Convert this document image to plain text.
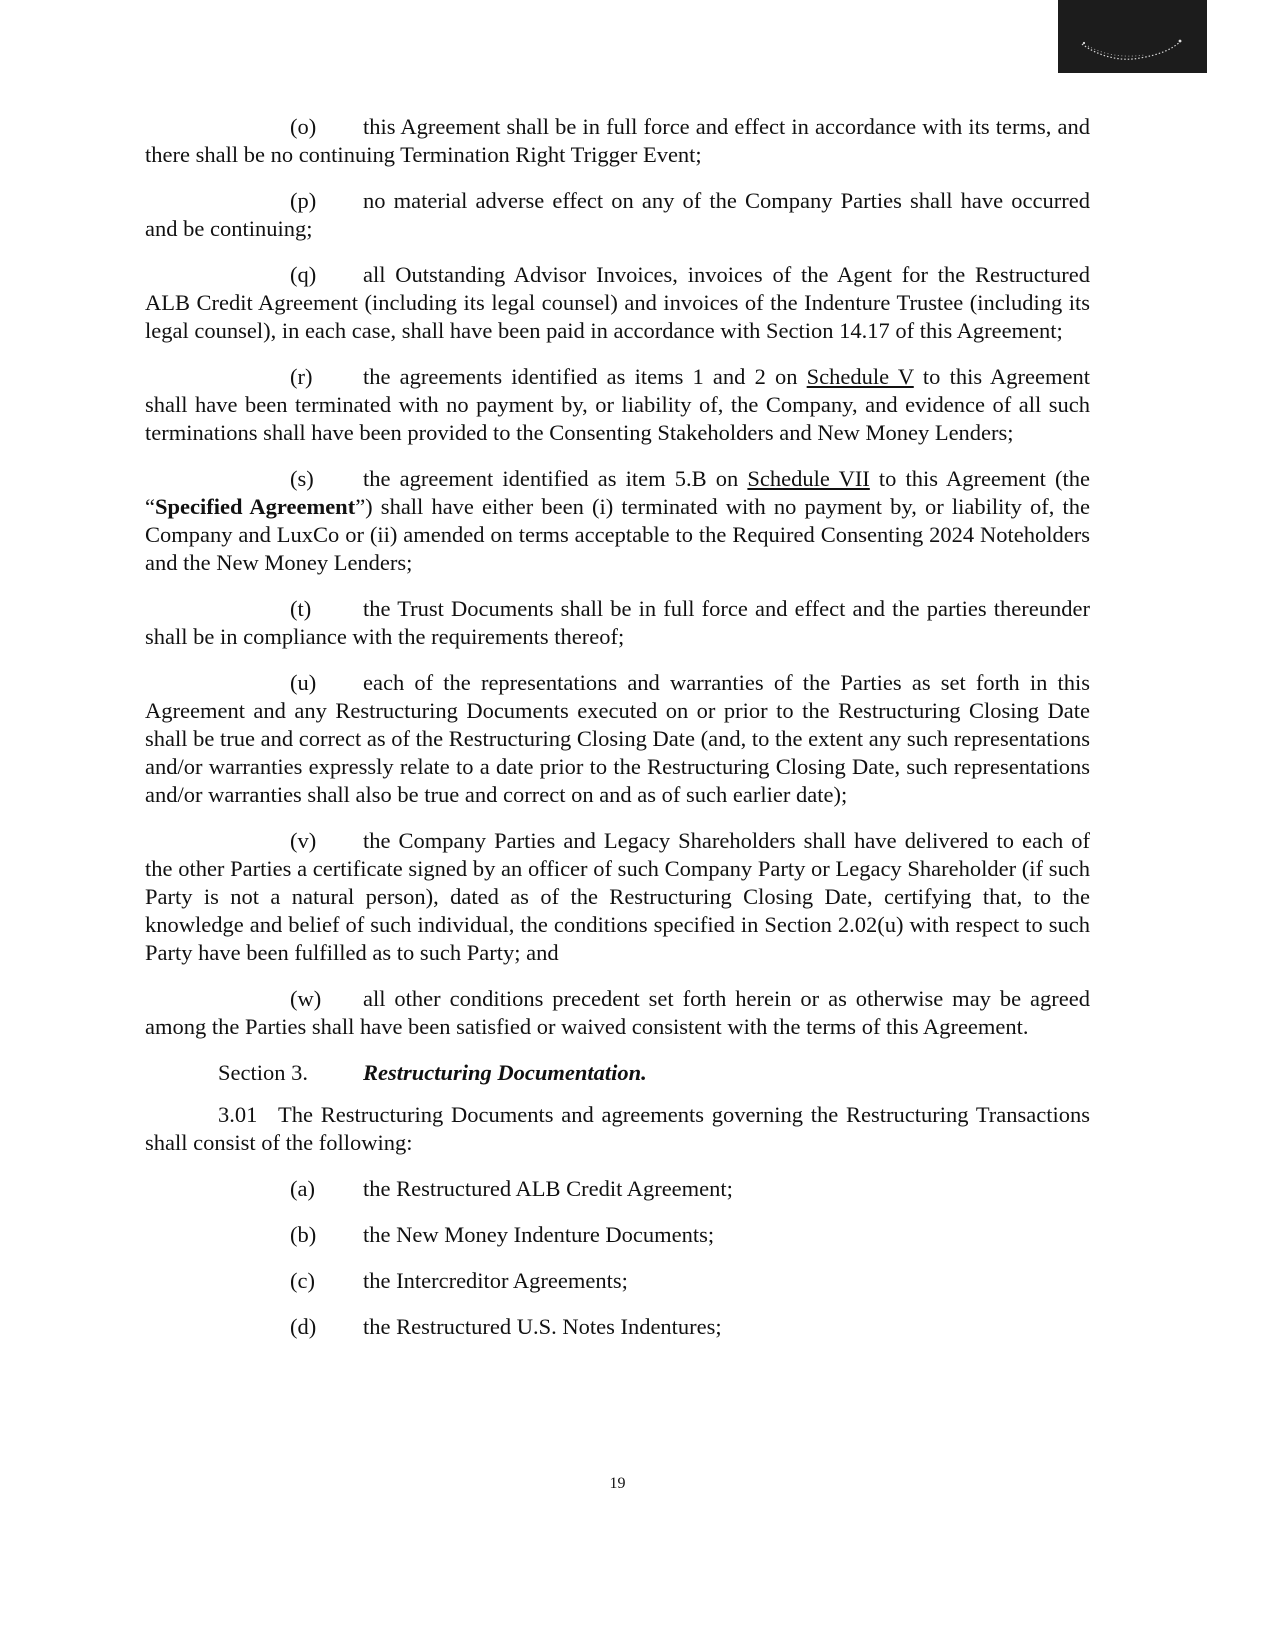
(o) this Agreement shall be in full force and effect in accordance with its terms, and there shall be no continuing Termination Right Trigger Event;
(p) no material adverse effect on any of the Company Parties shall have occurred and be continuing;
(q) all Outstanding Advisor Invoices, invoices of the Agent for the Restructured ALB Credit Agreement (including its legal counsel) and invoices of the Indenture Trustee (including its legal counsel), in each case, shall have been paid in accordance with Section 14.17 of this Agreement;
(r) the agreements identified as items 1 and 2 on Schedule V to this Agreement shall have been terminated with no payment by, or liability of, the Company, and evidence of all such terminations shall have been provided to the Consenting Stakeholders and New Money Lenders;
(s) the agreement identified as item 5.B on Schedule VII to this Agreement (the “Specified Agreement”) shall have either been (i) terminated with no payment by, or liability of, the Company and LuxCo or (ii) amended on terms acceptable to the Required Consenting 2024 Noteholders and the New Money Lenders;
(t) the Trust Documents shall be in full force and effect and the parties thereunder shall be in compliance with the requirements thereof;
(u) each of the representations and warranties of the Parties as set forth in this Agreement and any Restructuring Documents executed on or prior to the Restructuring Closing Date shall be true and correct as of the Restructuring Closing Date (and, to the extent any such representations and/or warranties expressly relate to a date prior to the Restructuring Closing Date, such representations and/or warranties shall also be true and correct on and as of such earlier date);
(v) the Company Parties and Legacy Shareholders shall have delivered to each of the other Parties a certificate signed by an officer of such Company Party or Legacy Shareholder (if such Party is not a natural person), dated as of the Restructuring Closing Date, certifying that, to the knowledge and belief of such individual, the conditions specified in Section 2.02(u) with respect to such Party have been fulfilled as to such Party; and
(w) all other conditions precedent set forth herein or as otherwise may be agreed among the Parties shall have been satisfied or waived consistent with the terms of this Agreement.
Section 3. Restructuring Documentation.
3.01 The Restructuring Documents and agreements governing the Restructuring Transactions shall consist of the following:
(a) the Restructured ALB Credit Agreement;
(b) the New Money Indenture Documents;
(c) the Intercreditor Agreements;
(d) the Restructured U.S. Notes Indentures;
19
